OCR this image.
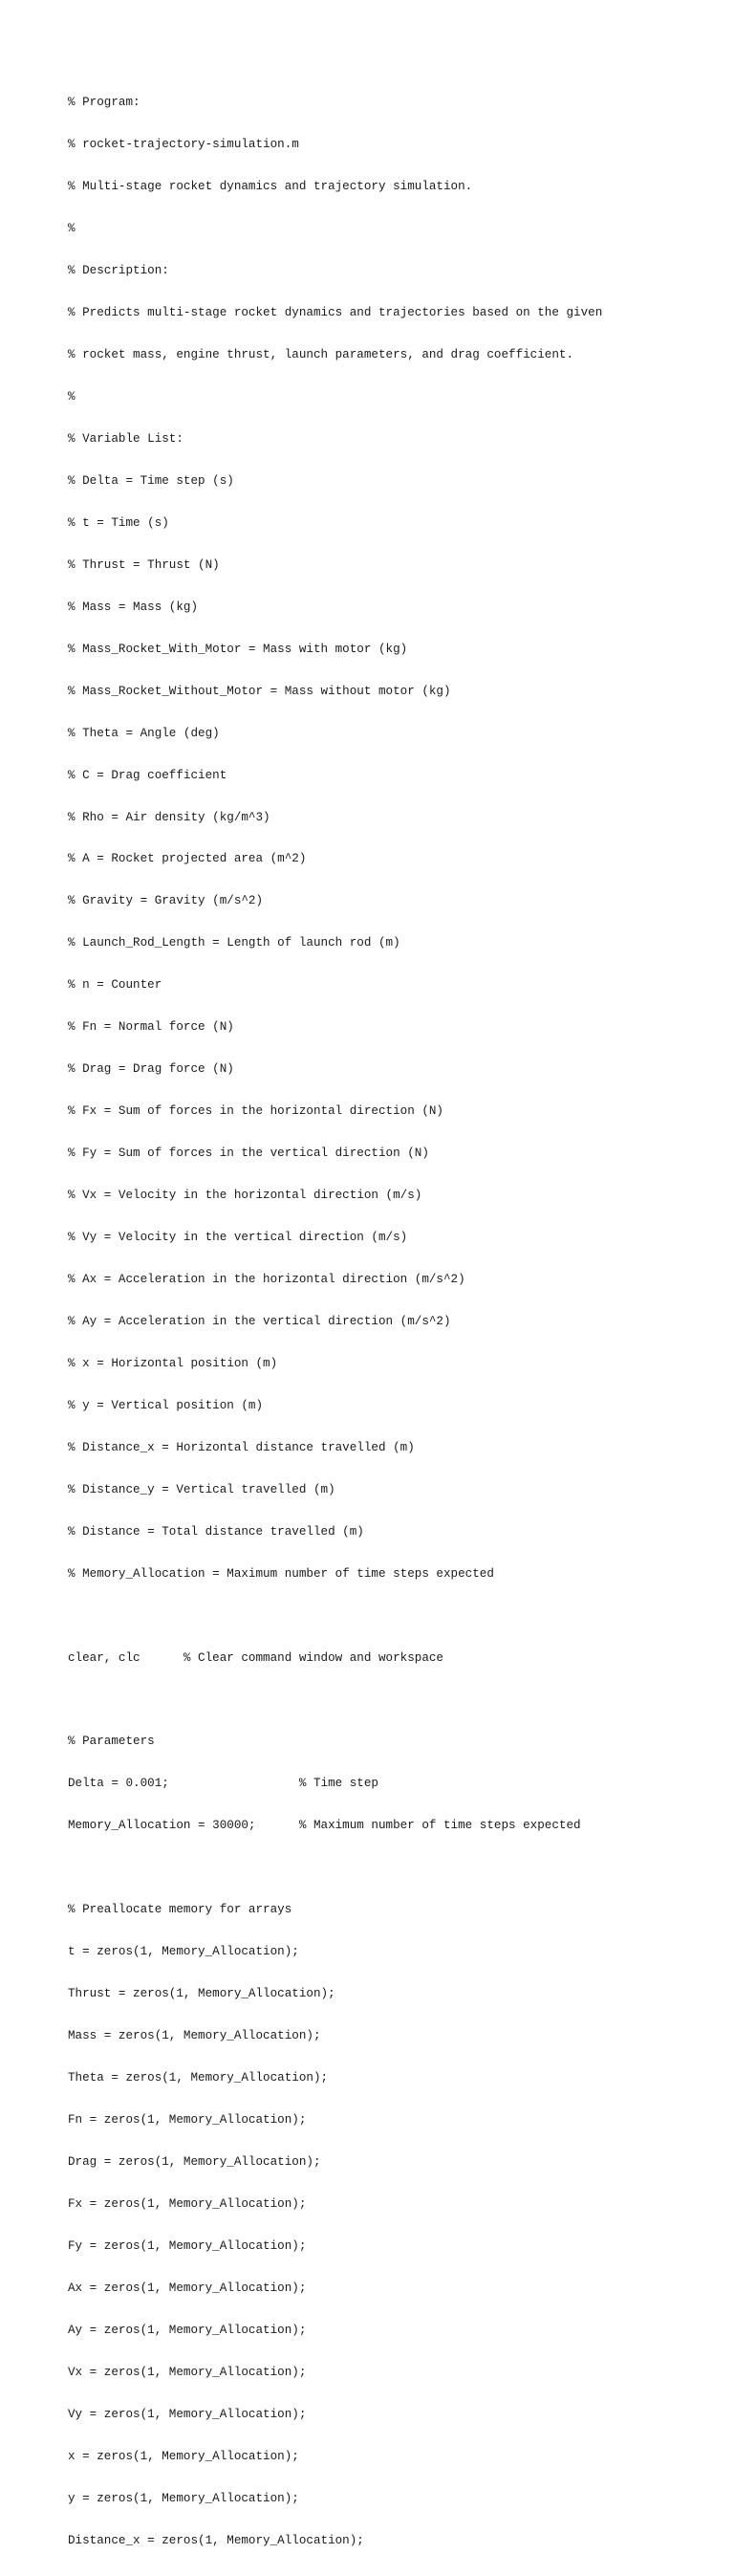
% Program:

% rocket-trajectory-simulation.m

% Multi-stage rocket dynamics and trajectory simulation.

%

% Description:

% Predicts multi-stage rocket dynamics and trajectories based on the given

% rocket mass, engine thrust, launch parameters, and drag coefficient.

%

% Variable List:

% Delta = Time step (s)

% t = Time (s)

% Thrust = Thrust (N)

% Mass = Mass (kg)

% Mass_Rocket_With_Motor = Mass with motor (kg)

% Mass_Rocket_Without_Motor = Mass without motor (kg)

% Theta = Angle (deg)

% C = Drag coefficient

% Rho = Air density (kg/m^3)

% A = Rocket projected area (m^2)

% Gravity = Gravity (m/s^2)

% Launch_Rod_Length = Length of launch rod (m)

% n = Counter

% Fn = Normal force (N)

% Drag = Drag force (N)

% Fx = Sum of forces in the horizontal direction (N)

% Fy = Sum of forces in the vertical direction (N)

% Vx = Velocity in the horizontal direction (m/s)

% Vy = Velocity in the vertical direction (m/s)

% Ax = Acceleration in the horizontal direction (m/s^2)

% Ay = Acceleration in the vertical direction (m/s^2)

% x = Horizontal position (m)

% y = Vertical position (m)

% Distance_x = Horizontal distance travelled (m)

% Distance_y = Vertical travelled (m)

% Distance = Total distance travelled (m)

% Memory_Allocation = Maximum number of time steps expected

clear, clc      % Clear command window and workspace

% Parameters

Delta = 0.001;                  % Time step

Memory_Allocation = 30000;      % Maximum number of time steps expected

% Preallocate memory for arrays

t = zeros(1, Memory_Allocation);

Thrust = zeros(1, Memory_Allocation);

Mass = zeros(1, Memory_Allocation);

Theta = zeros(1, Memory_Allocation);

Fn = zeros(1, Memory_Allocation);

Drag = zeros(1, Memory_Allocation);

Fx = zeros(1, Memory_Allocation);

Fy = zeros(1, Memory_Allocation);

Ax = zeros(1, Memory_Allocation);

Ay = zeros(1, Memory_Allocation);

Vx = zeros(1, Memory_Allocation);

Vy = zeros(1, Memory_Allocation);

x = zeros(1, Memory_Allocation);

y = zeros(1, Memory_Allocation);

Distance_x = zeros(1, Memory_Allocation);
